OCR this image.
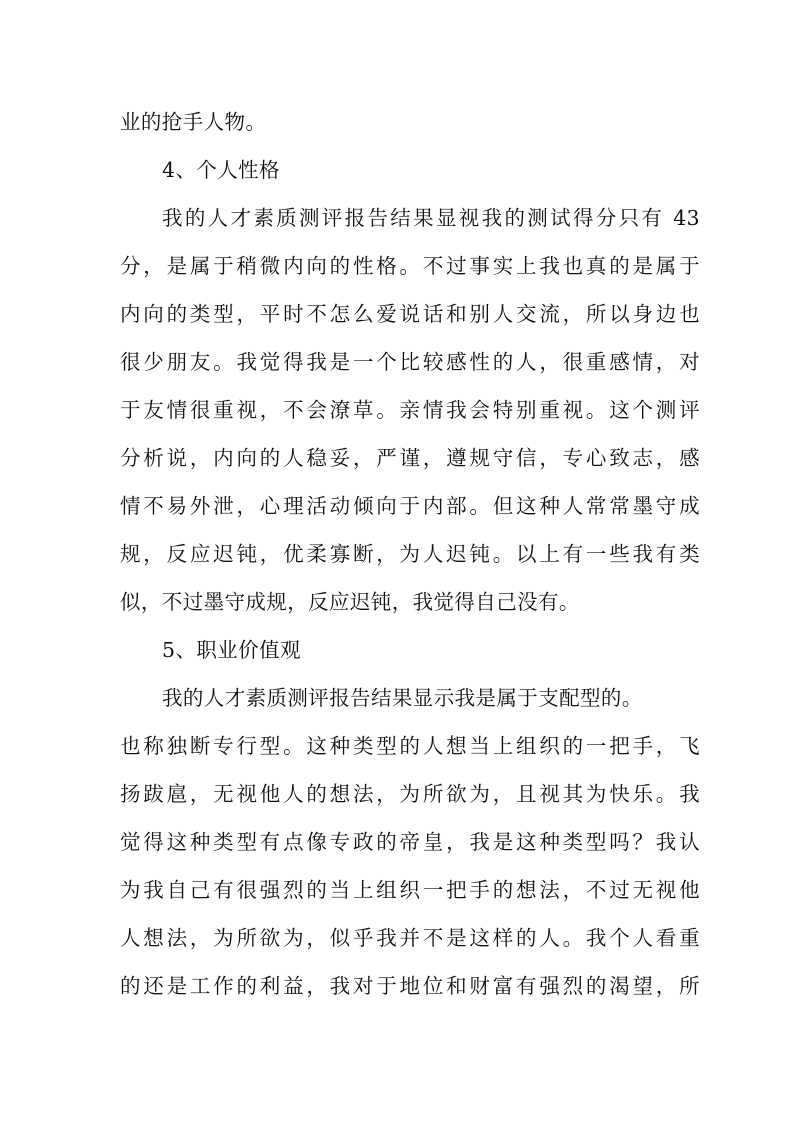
业的抢手人物。
4、个人性格
我的人才素质测评报告结果显视我的测试得分只有 43
分，是属于稍微内向的性格。不过事实上我也真的是属于
内向的类型，平时不怎么爱说话和别人交流，所以身边也
很少朋友。我觉得我是一个比较感性的人，很重感情，对
于友情很重视，不会潦草。亲情我会特别重视。这个测评
分析说，内向的人稳妥，严谨，遵规守信，专心致志，感
情不易外泄，心理活动倾向于内部。但这种人常常墨守成
规，反应迟钝，优柔寡断，为人迟钝。以上有一些我有类
似，不过墨守成规，反应迟钝，我觉得自己没有。
5、职业价值观
我的人才素质测评报告结果显示我是属于支配型的。
也称独断专行型。这种类型的人想当上组织的一把手，飞
扬跋扈，无视他人的想法，为所欲为，且视其为快乐。我
觉得这种类型有点像专政的帝皇，我是这种类型吗？我认
为我自己有很强烈的当上组织一把手的想法，不过无视他
人想法，为所欲为，似乎我并不是这样的人。我个人看重
的还是工作的利益，我对于地位和财富有强烈的渴望，所
